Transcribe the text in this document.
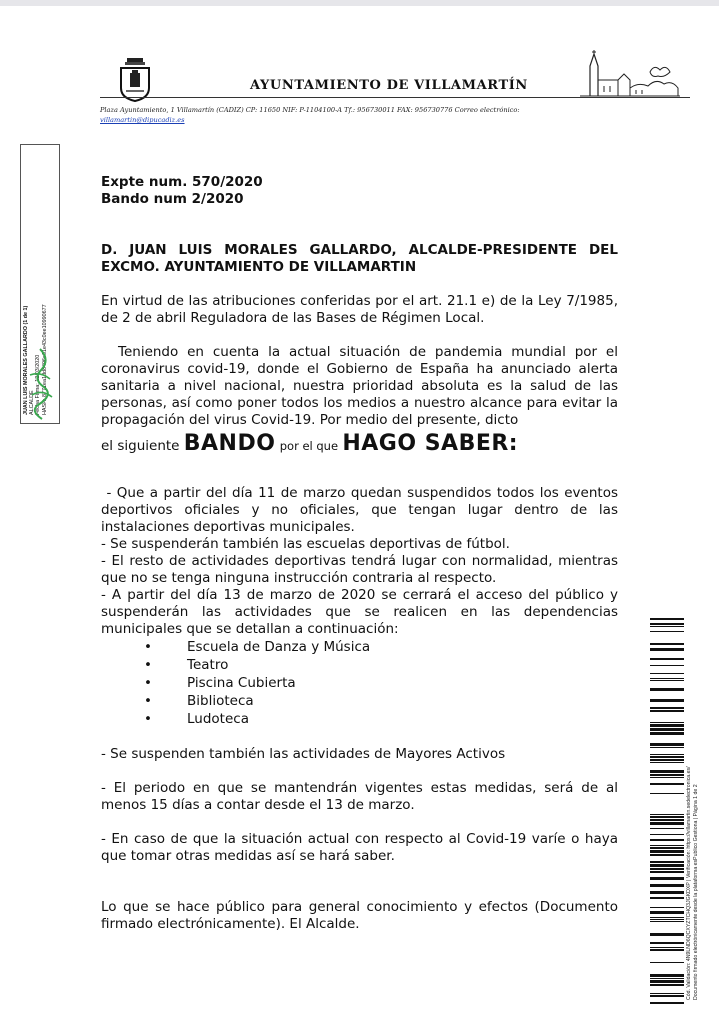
AYUNTAMIENTO DE VILLAMARTÍN
Plaza Ayuntamiento, 1 Villamartín (CADIZ) CP: 11650 NIF: P-1104100-A Tf.: 956730011 FAX: 956730776 Correo electrónico:
villamartin@dipucadiz.es
JUAN LUIS MORALES GALLARDO (1 de 1) ALCALDE Fecha Firma: 12/03/2020 HASH: 8771ea1dd8496e01e43c0ee10990677

Expte num. 570/2020

Bando num 2/2020

D. JUAN LUIS MORALES GALLARDO, ALCALDE-PRESIDENTE DEL EXCMO. AYUNTAMIENTO DE VILLAMARTIN

En virtud de las atribuciones conferidas por el art. 21.1 e) de la Ley 7/1985, de 2 de abril Reguladora de las Bases de Régimen Local.

Teniendo en cuenta la actual situación de pandemia mundial por el coronavirus covid-19, donde el Gobierno de España ha anunciado alerta sanitaria a nivel nacional, nuestra prioridad absoluta es la salud de las personas, así como poner todos los medios a nuestro alcance para evitar la propagación del virus Covid-19. Por medio del presente, dicto

el siguiente BANDO por el que HAGO SABER:

- Que a partir del día 11 de marzo quedan suspendidos todos los eventos deportivos oficiales y no oficiales, que tengan lugar dentro de las instalaciones deportivas municipales.

- Se suspenderán también las escuelas deportivas de fútbol.

- El resto de actividades deportivas tendrá lugar con normalidad, mientras que no se tenga ninguna instrucción contraria al respecto.

- A partir del día 13 de marzo de 2020 se cerrará el acceso del público y suspenderán las actividades que se realicen en las dependencias municipales que se detallan a continuación:

•	Escuela de Danza y Música
•	Teatro
•	Piscina Cubierta
•	Biblioteca
•	Ludoteca

- Se suspenden también las actividades de Mayores Activos

- El periodo en que se mantendrán vigentes estas medidas, será de al menos 15 días a contar desde el 13 de marzo.

- En caso de que la situación actual con respecto al Covid-19 varíe o haya que tomar otras medidas así se hará saber.

Lo que se hace público para general conocimiento y efectos (Documento firmado electrónicamente). El Alcalde.	Cód. Validación: 4N9LND6QCXYZTCHQ3JGKDXP | Verificación: https://villamartin.sedelectronica.es/ Documento firmado electrónicamente desde la plataforma esPublico Gestiona | Página 1 de 2
